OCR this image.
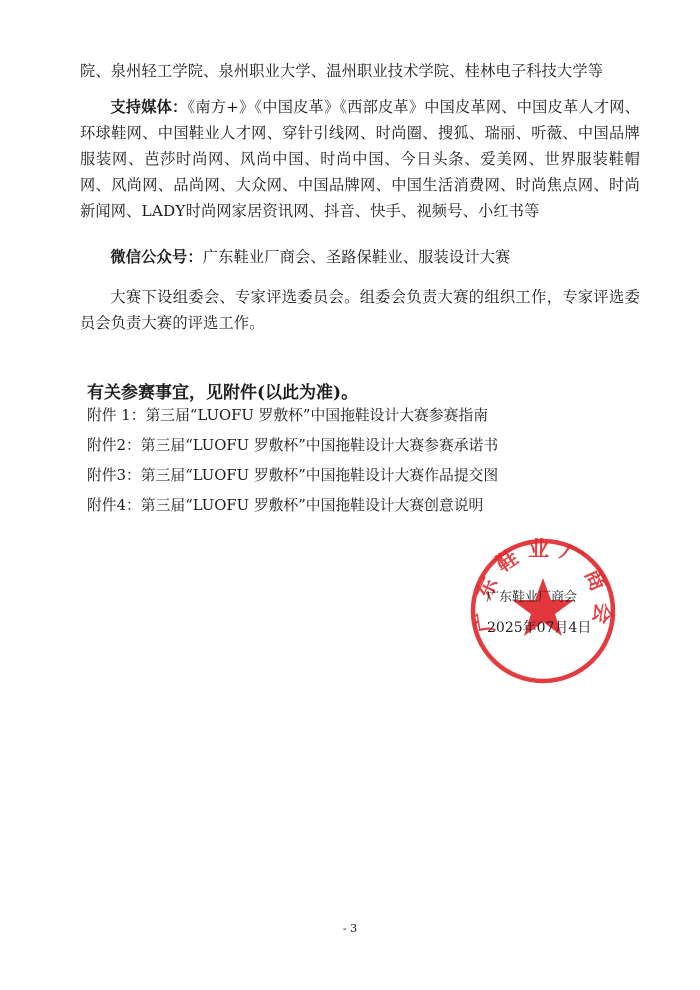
院、泉州轻工学院、泉州职业大学、温州职业技术学院、桂林电子科技大学等

支持媒体：《南方+》《中国皮革》《西部皮革》中国皮革网、中国皮革人才网、环球鞋网、中国鞋业人才网、穿针引线网、时尚圈、搜狐、瑞丽、听薇、中国品牌服装网、芭莎时尚网、风尚中国、时尚中国、今日头条、爱美网、世界服装鞋帽网、风尚网、品尚网、大众网、中国品牌网、中国生活消费网、时尚焦点网、时尚新闻网、LADY时尚网家居资讯网、抖音、快手、视频号、小红书等

微信公众号：广东鞋业厂商会、圣路保鞋业、服装设计大赛

大赛下设组委会、专家评选委员会。组委会负责大赛的组织工作，专家评选委员会负责大赛的评选工作。

有关参赛事宜，见附件(以此为准)。

附件 1：第三届“LUOFU 罗敷杯”中国拖鞋设计大赛参赛指南

附件2：第三届“LUOFU 罗敷杯”中国拖鞋设计大赛参赛承诺书

附件3：第三届“LUOFU 罗敷杯”中国拖鞋设计大赛作品提交图

附件4：第三届“LUOFU 罗敷杯”中国拖鞋设计大赛创意说明

广东鞋业厂商会
广东鞋业厂商会
2025年07月4日
- 3
